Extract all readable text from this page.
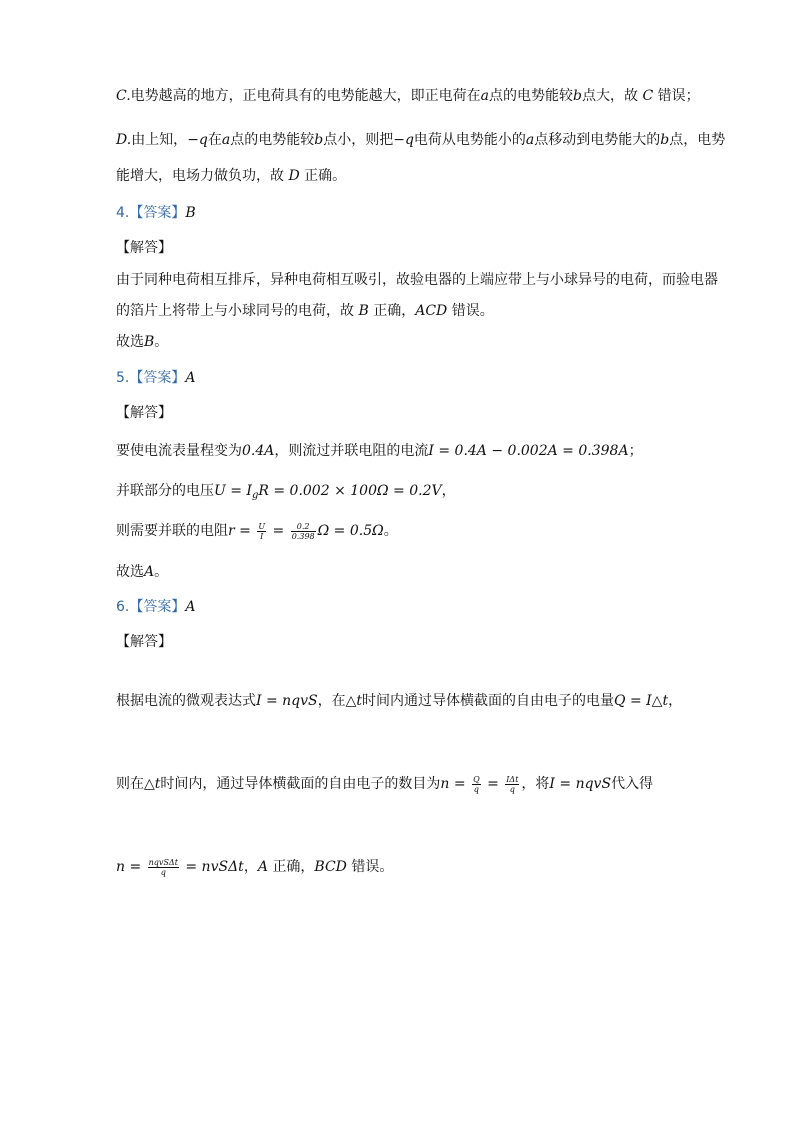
C.电势越高的地方，正电荷具有的电势能越大，即正电荷在a点的电势能较b点大，故 C 错误；
D.由上知，−q在a点的电势能较b点小，则把−q电荷从电势能小的a点移动到电势能大的b点，电势
能增大，电场力做负功，故 D 正确。
4.【答案】B
【解答】
由于同种电荷相互排斥，异种电荷相互吸引，故验电器的上端应带上与小球异号的电荷，而验电器
的箔片上将带上与小球同号的电荷，故 B 正确，ACD 错误。
故选B。
5.【答案】A
【解答】
要使电流表量程变为0.4A，则流过并联电阻的电流I = 0.4A − 0.002A = 0.398A；
并联部分的电压$U = I_gR = 0.002 \times 100\Omega = 0.2V$，
则需要并联的电阻$r = \frac{U}{I} = \frac{0.2}{0.398}$ Ω = 0.5Ω。
故选A。
6.【答案】A
【解答】
根据电流的微观表达式I = nqvS，在△t时间内通过导体横截面的自由电子的电量Q = I△t，
则在△t时间内，通过导体横截面的自由电子的数目为$n = \frac{Q}{q} = \frac{\text{IΔt}}{q}$ ，将I = nqvS代入得
$n = \frac{\text{nqvSΔt}}{q} = nvS\Delta t$，A 正确，BCD 错误。
